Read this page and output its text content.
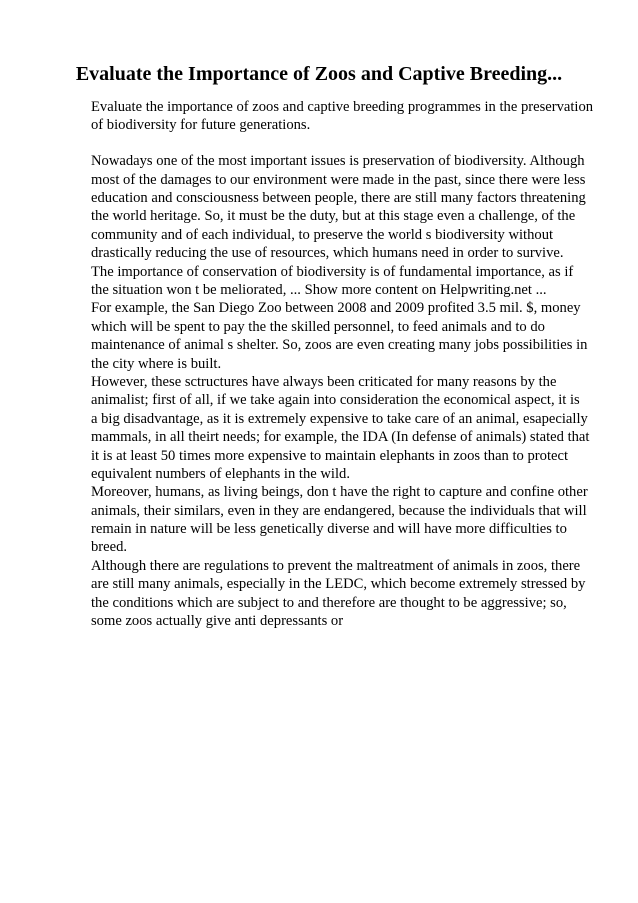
Evaluate the Importance of Zoos and Captive Breeding...
Evaluate the importance of zoos and captive breeding programmes in the preservation
of biodiversity for future generations.
Nowadays one of the most important issues is preservation of biodiversity. Although
most of the damages to our environment were made in the past, since there were less
education and consciousness between people, there are still many factors threatening
the world heritage. So, it must be the duty, but at this stage even a challenge, of the
community and of each individual, to preserve the world s biodiversity without
drastically reducing the use of resources, which humans need in order to survive.
The importance of conservation of biodiversity is of fundamental importance, as if
the situation won t be meliorated, ... Show more content on Helpwriting.net ...
For example, the San Diego Zoo between 2008 and 2009 profited 3.5 mil. $, money
which will be spent to pay the the skilled personnel, to feed animals and to do
maintenance of animal s shelter. So, zoos are even creating many jobs possibilities in
the city where is built.
However, these sctructures have always been criticated for many reasons by the
animalist; first of all, if we take again into consideration the economical aspect, it is
a big disadvantage, as it is extremely expensive to take care of an animal, esapecially
mammals, in all theirt needs; for example, the IDA (In defense of animals) stated that
it is at least 50 times more expensive to maintain elephants in zoos than to protect
equivalent numbers of elephants in the wild.
Moreover, humans, as living beings, don t have the right to capture and confine other
animals, their similars, even in they are endangered, because the individuals that will
remain in nature will be less genetically diverse and will have more difficulties to
breed.
Although there are regulations to prevent the maltreatment of animals in zoos, there
are still many animals, especially in the LEDC, which become extremely stressed by
the conditions which are subject to and therefore are thought to be aggressive; so,
some zoos actually give anti depressants or
